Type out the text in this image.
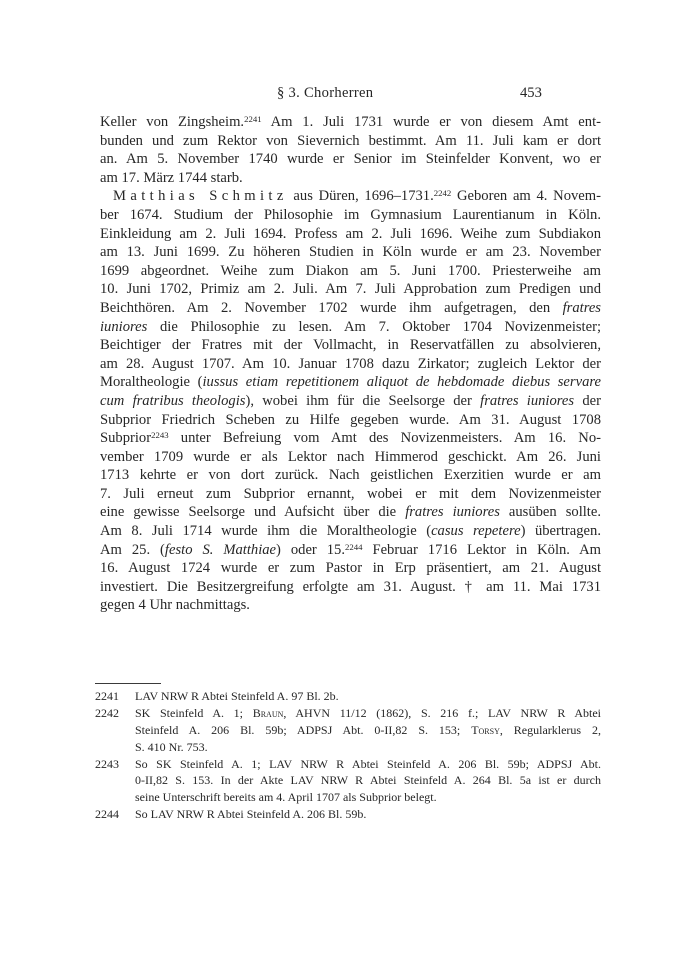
§ 3. Chorherren	453
Keller von Zingsheim.$^{2241}$ Am 1. Juli 1731 wurde er von diesem Amt ent-
bunden und zum Rektor von Sievernich bestimmt. Am 11. Juli kam er dort
an. Am 5. November 1740 wurde er Senior im Steinfelder Konvent, wo er
am 17. März 1744 starb.
Matthias Schmitz aus Düren, 1696–1731.$^{2242}$ Geboren am 4. Novem-
ber 1674. Studium der Philosophie im Gymnasium Laurentianum in Köln.
Einkleidung am 2. Juli 1694. Profess am 2. Juli 1696. Weihe zum Subdiakon
am 13. Juni 1699. Zu höheren Studien in Köln wurde er am 23. November
1699 abgeordnet. Weihe zum Diakon am 5. Juni 1700. Priesterweihe am
10. Juni 1702, Primiz am 2. Juli. Am 7. Juli Approbation zum Predigen und
Beichthören. Am 2. November 1702 wurde ihm aufgetragen, den fratres
iuniores die Philosophie zu lesen. Am 7. Oktober 1704 Novizenmeister;
Beichtiger der Fratres mit der Vollmacht, in Reservatfällen zu absolvieren,
am 28. August 1707. Am 10. Januar 1708 dazu Zirkator; zugleich Lektor der
Moraltheologie (iussus etiam repetitionem aliquot de hebdomade diebus servare
cum fratribus theologis), wobei ihm für die Seelsorge der fratres iuniores der
Subprior Friedrich Scheben zu Hilfe gegeben wurde. Am 31. August 1708
Subprior$^{2243}$ unter Befreiung vom Amt des Novizenmeisters. Am 16. No-
vember 1709 wurde er als Lektor nach Himmerod geschickt. Am 26. Juni
1713 kehrte er von dort zurück. Nach geistlichen Exerzitien wurde er am
7. Juli erneut zum Subprior ernannt, wobei er mit dem Novizenmeister
eine gewisse Seelsorge und Aufsicht über die fratres iuniores ausüben sollte.
Am 8. Juli 1714 wurde ihm die Moraltheologie (casus repetere) übertragen.
Am 25. (festo S. Matthiae) oder 15.$^{2244}$ Februar 1716 Lektor in Köln. Am
16. August 1724 wurde er zum Pastor in Erp präsentiert, am 21. August
investiert. Die Besitzergreifung erfolgte am 31. August. † am 11. Mai 1731
gegen 4 Uhr nachmittags.
2241	LAV NRW R Abtei Steinfeld A. 97 Bl. 2b.
2242	SK Steinfeld A. 1; Braun, AHVN 11/12 (1862), S. 216 f.; LAV NRW R Abtei
Steinfeld A. 206 Bl. 59b; ADPSJ Abt. 0-II,82 S. 153; Torsy, Regularklerus 2,
S. 410 Nr. 753.
2243	So SK Steinfeld A. 1; LAV NRW R Abtei Steinfeld A. 206 Bl. 59b; ADPSJ Abt.
0-II,82 S. 153. In der Akte LAV NRW R Abtei Steinfeld A. 264 Bl. 5a ist er durch
seine Unterschrift bereits am 4. April 1707 als Subprior belegt.
2244	So LAV NRW R Abtei Steinfeld A. 206 Bl. 59b.
